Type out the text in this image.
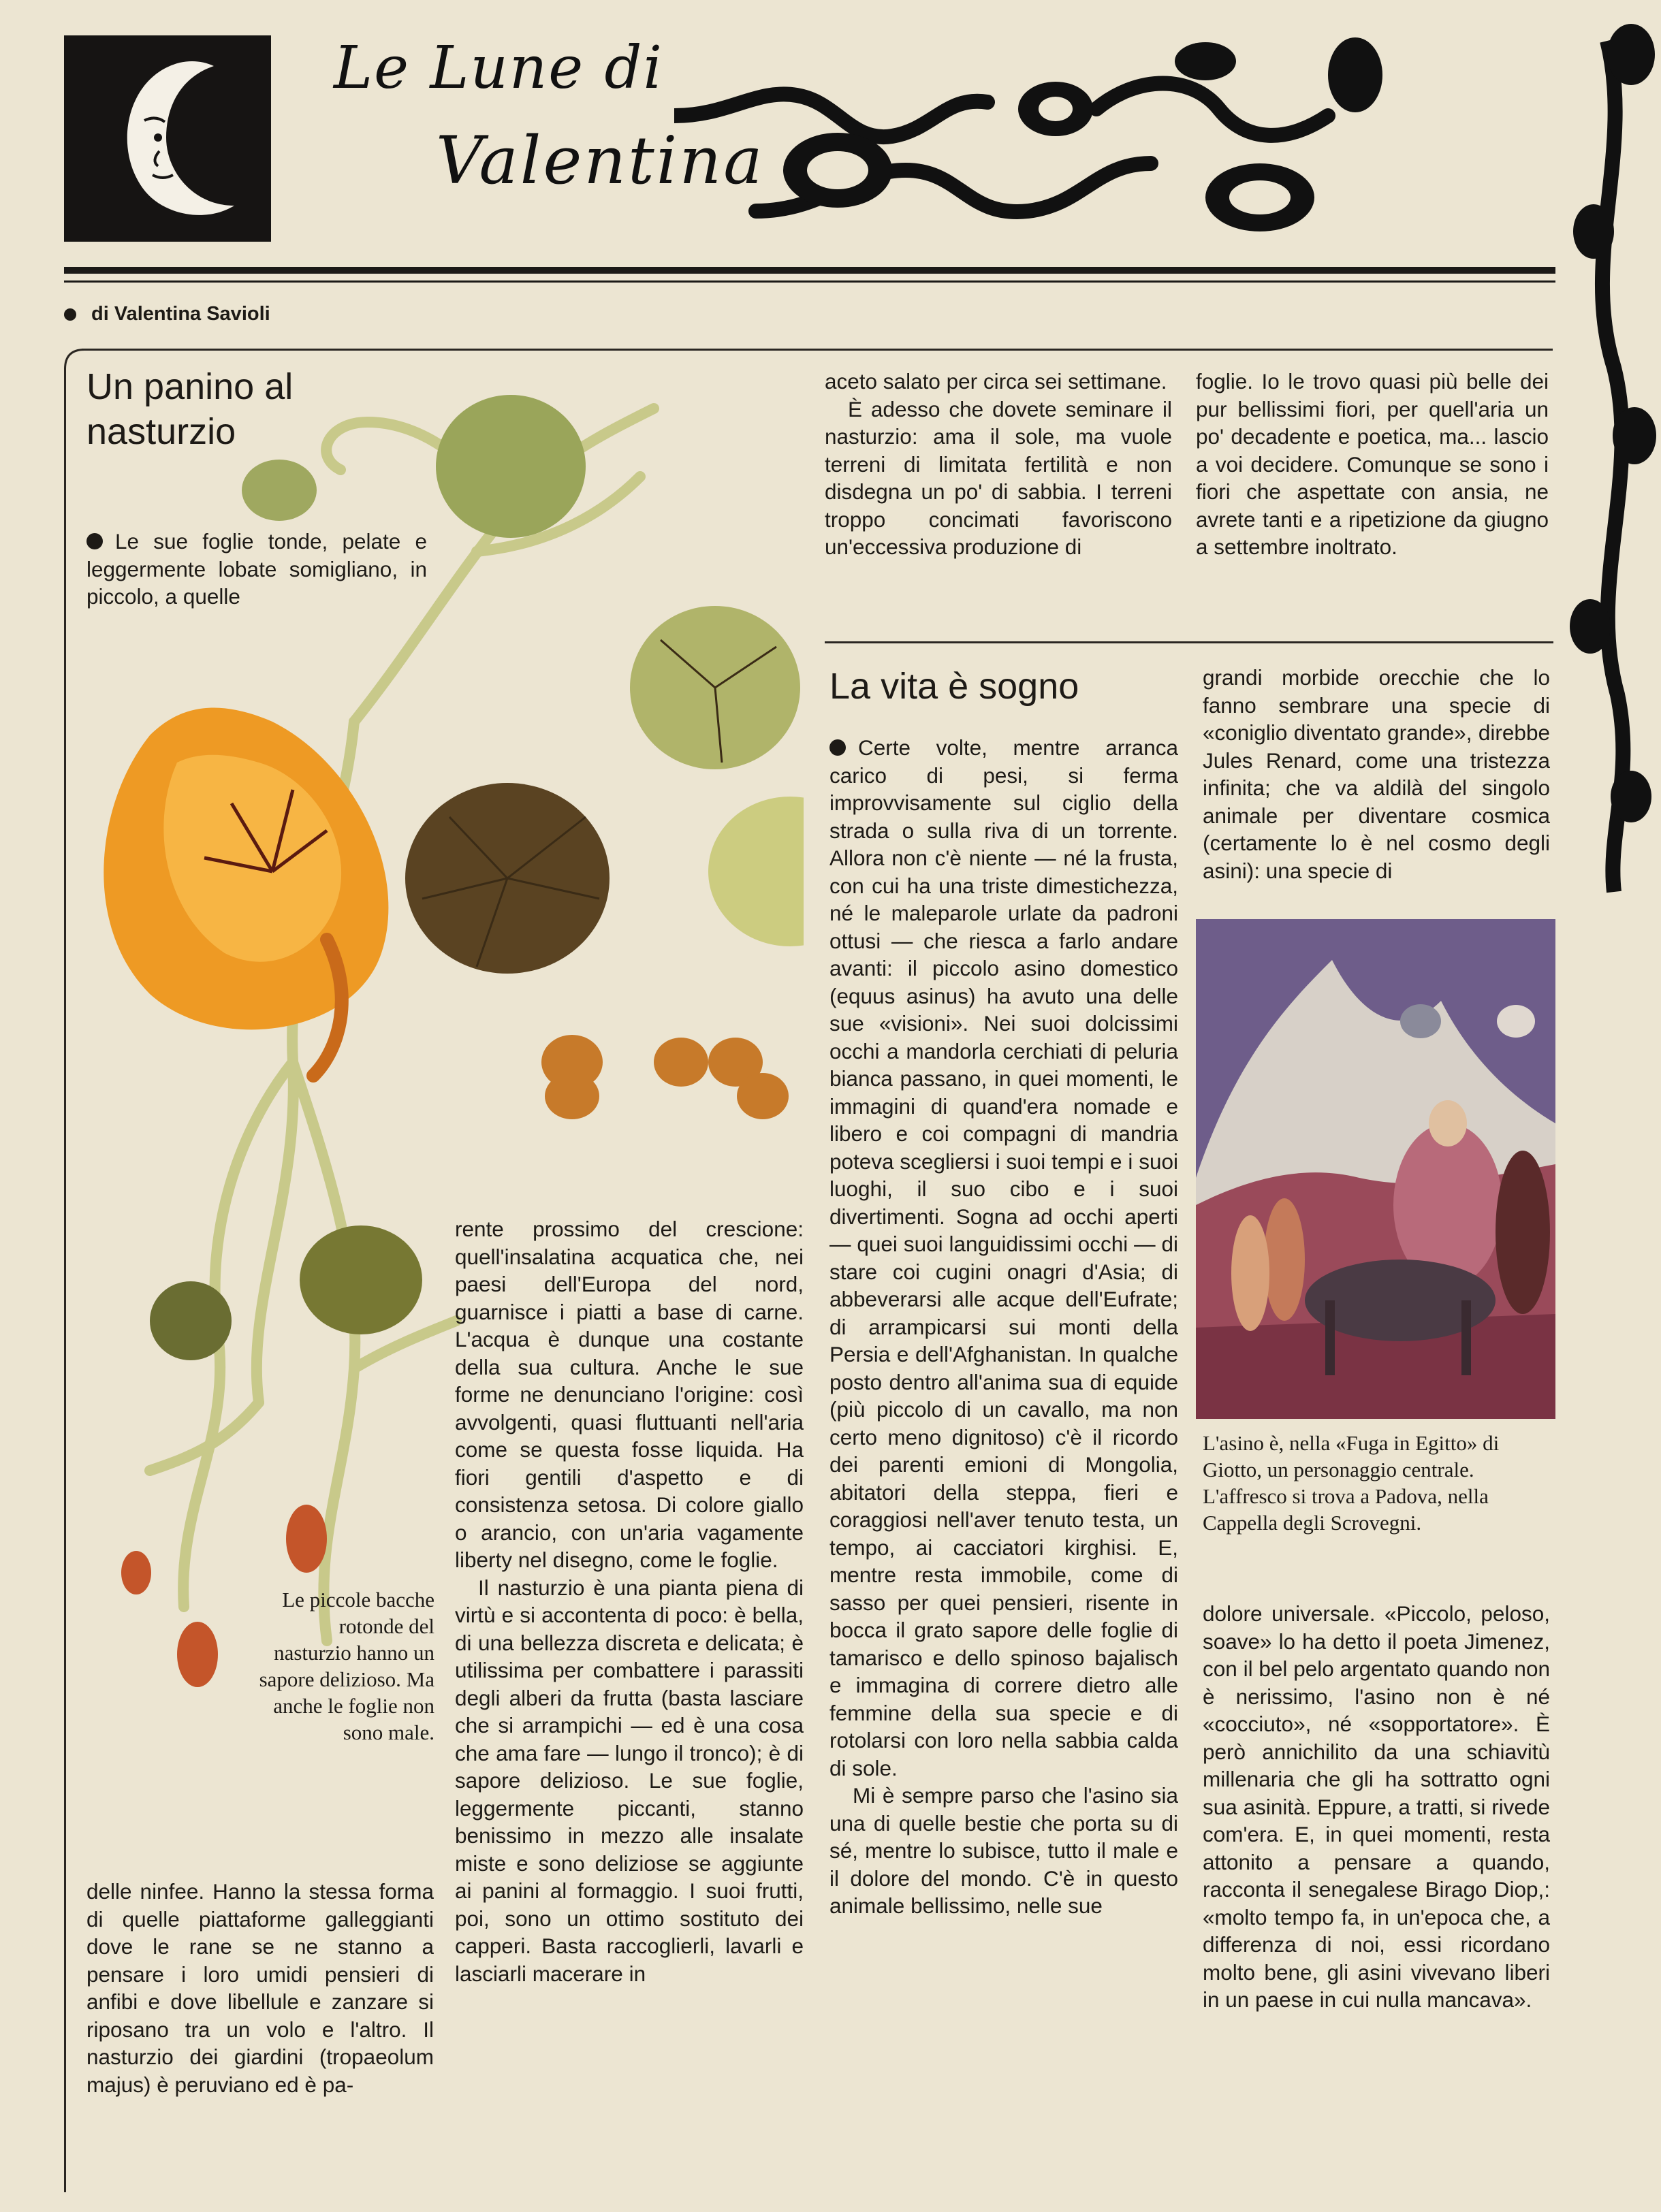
Le Lune di
Valentina
di Valentina Savioli
Un panino al nasturzio

Le sue foglie tonde, pelate e leggermente lobate somigliano, in piccolo, a quelle

Le piccole bacche rotonde del nasturzio hanno un sapore delizioso. Ma anche le foglie non sono male.

delle ninfee. Hanno la stessa forma di quelle piattaforme galleggianti dove le rane se ne stanno a pensare i loro umidi pensieri di anfibi e dove libellule e zanzare si riposano tra un volo e l'altro. Il nasturzio dei giardini (tropaeolum majus) è peruviano ed è pa-

rente prossimo del crescione: quell'insalatina acquatica che, nei paesi dell'Europa del nord, guarnisce i piatti a base di carne. L'acqua è dunque una costante della sua cultura. Anche le sue forme ne denunciano l'origine: così avvolgenti, quasi fluttuanti nell'aria come se questa fosse liquida. Ha fiori gentili d'aspetto e di consistenza setosa. Di colore giallo o arancio, con un'aria vagamente liberty nel disegno, come le foglie.

Il nasturzio è una pianta piena di virtù e si accontenta di poco: è bella, di una bellezza discreta e delicata; è utilissima per combattere i parassiti degli alberi da frutta (basta lasciare che si arrampichi — ed è una cosa che ama fare — lungo il tronco); è di sapore delizioso. Le sue foglie, leggermente piccanti, stanno benissimo in mezzo alle insalate miste e sono deliziose se aggiunte ai panini al formaggio. I suoi frutti, poi, sono un ottimo sostituto dei capperi. Basta raccoglierli, lavarli e lasciarli macerare in

aceto salato per circa sei settimane.

È adesso che dovete seminare il nasturzio: ama il sole, ma vuole terreni di limitata fertilità e non disdegna un po' di sabbia. I terreni troppo concimati favoriscono un'eccessiva produzione di

foglie. Io le trovo quasi più belle dei pur bellissimi fiori, per quell'aria un po' decadente e poetica, ma... lascio a voi decidere. Comunque se sono i fiori che aspettate con ansia, ne avrete tanti e a ripetizione da giugno a settembre inoltrato.

La vita è sogno

Certe volte, mentre arranca carico di pesi, si ferma improvvisamente sul ciglio della strada o sulla riva di un torrente. Allora non c'è niente — né la frusta, con cui ha una triste dimestichezza, né le maleparole urlate da padroni ottusi — che riesca a farlo andare avanti: il piccolo asino domestico (equus asinus) ha avuto una delle sue «visioni». Nei suoi dolcissimi occhi a mandorla cerchiati di peluria bianca passano, in quei momenti, le immagini di quand'era nomade e libero e coi compagni di mandria poteva scegliersi i suoi tempi e i suoi luoghi, il suo cibo e i suoi divertimenti. Sogna ad occhi aperti — quei suoi languidissimi occhi — di stare coi cugini onagri d'Asia; di abbeverarsi alle acque dell'Eufrate; di arrampicarsi sui monti della Persia e dell'Afghanistan. In qualche posto dentro all'anima sua di equide (più piccolo di un cavallo, ma non certo meno dignitoso) c'è il ricordo dei parenti emioni di Mongolia, abitatori della steppa, fieri e coraggiosi nell'aver tenuto testa, un tempo, ai cacciatori kirghisi. E, mentre resta immobile, come di sasso per quei pensieri, risente in bocca il grato sapore delle foglie di tamarisco e dello spinoso bajalisch e immagina di correre dietro alle femmine della sua specie e di rotolarsi con loro nella sabbia calda di sole.

Mi è sempre parso che l'asino sia una di quelle bestie che porta su di sé, mentre lo subisce, tutto il male e il dolore del mondo. C'è in questo animale bellissimo, nelle sue

grandi morbide orecchie che lo fanno sembrare una specie di «coniglio diventato grande», direbbe Jules Renard, come una tristezza infinita; che va aldilà del singolo animale per diventare cosmica (certamente lo è nel cosmo degli asini): una specie di

L'asino è, nella «Fuga in Egitto» di Giotto, un personaggio centrale. L'affresco si trova a Padova, nella Cappella degli Scrovegni.

dolore universale. «Piccolo, peloso, soave» lo ha detto il poeta Jimenez, con il bel pelo argentato quando non è nerissimo, l'asino non è né «cocciuto», né «sopportatore». È però annichilito da una schiavitù millenaria che gli ha sottratto ogni sua asinità. Eppure, a tratti, si rivede com'era. E, in quei momenti, resta attonito a pensare a quando, racconta il senegalese Birago Diop,: «molto tempo fa, in un'epoca che, a differenza di noi, essi ricordano molto bene, gli asini vivevano liberi in un paese in cui nulla mancava».
